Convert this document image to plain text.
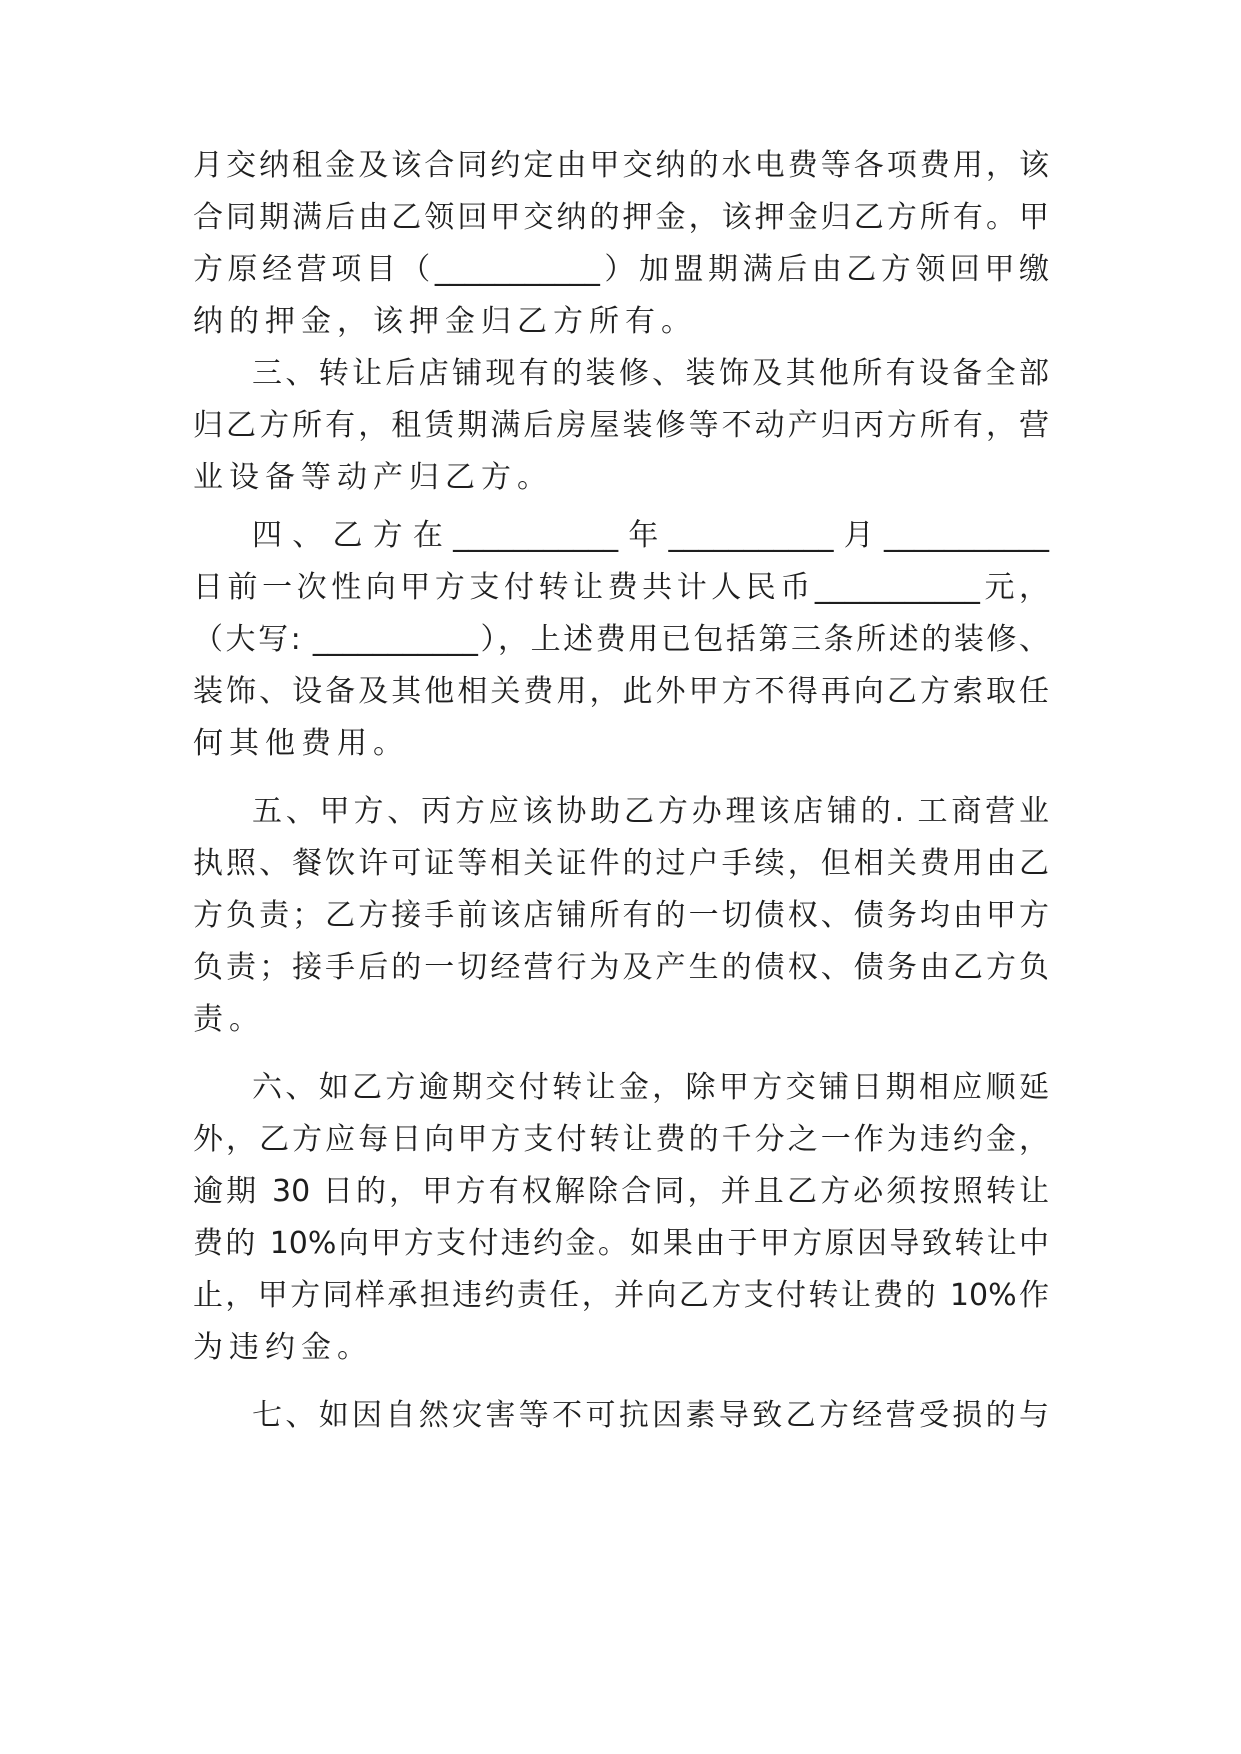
月交纳租金及该合同约定由甲交纳的水电费等各项费用，该
合同期满后由乙领回甲交纳的押金，该押金归乙方所有。甲
方原经营项目（___________）加盟期满后由乙方领回甲缴
纳的押金，该押金归乙方所有。
三、转让后店铺现有的装修、装饰及其他所有设备全部
归乙方所有，租赁期满后房屋装修等不动产归丙方所有，营
业设备等动产归乙方。
四、乙方在___________年___________月___________
日前一次性向甲方支付转让费共计人民币___________元，
（大写: ___________），上述费用已包括第三条所述的装修、
装饰、设备及其他相关费用，此外甲方不得再向乙方索取任
何其他费用。
五、甲方、丙方应该协助乙方办理该店铺的. 工商营业
执照、餐饮许可证等相关证件的过户手续，但相关费用由乙
方负责；乙方接手前该店铺所有的一切债权、债务均由甲方
负责；接手后的一切经营行为及产生的债权、债务由乙方负
责。
六、如乙方逾期交付转让金，除甲方交铺日期相应顺延
外，乙方应每日向甲方支付转让费的千分之一作为违约金，
逾期 30 日的，甲方有权解除合同，并且乙方必须按照转让
费的 10%向甲方支付违约金。如果由于甲方原因导致转让中
止，甲方同样承担违约责任，并向乙方支付转让费的 10%作
为违约金。
七、如因自然灾害等不可抗因素导致乙方经营受损的与
